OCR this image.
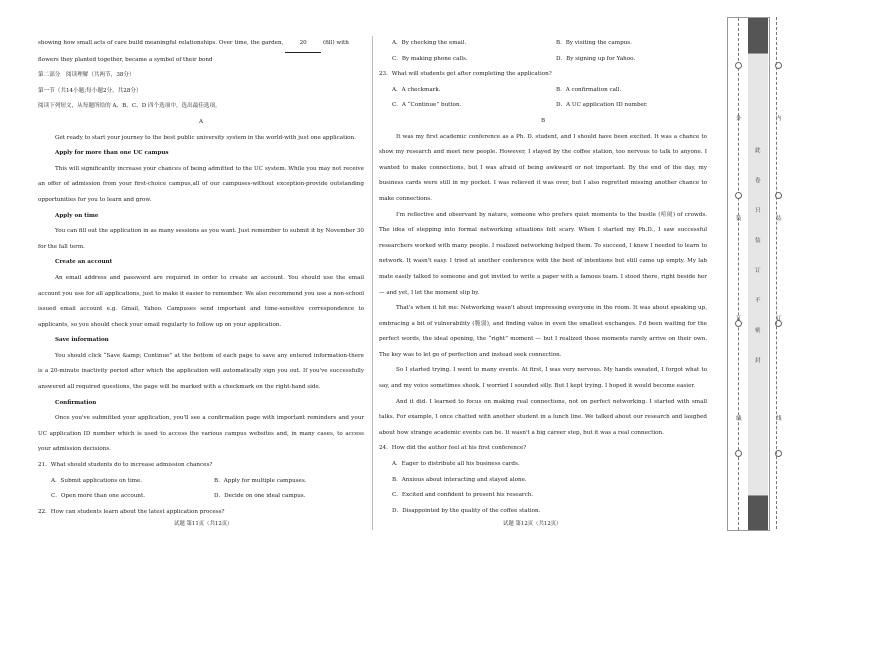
showing how small acts of care build meaningful relationships. Over time, the garden,	20	(fill) with

flowers they planted together, became a symbol of their bond

第二部分　阅读理解（共两节，38分）

第一节（共14小题;每小题2分，共28分）

阅读下列短文，从每题所给的 A、B、C、D 四个选项中，选出最佳选项。

A

Get ready to start your journey to the best public university system in the world-with just one application.

Apply for more than one UC campus

This will significantly increase your chances of being admitted to the UC system. While you may not receive an offer of admission from your first-choice campus,all of our campuses-without exception-provide outstanding opportunities for you to learn and grow.

Apply on time

You can fill out the application in as many sessions as you want. Just remember to submit it by November 30 for the fall term.

Create an account

An email address and password are required in order to create an account. You should use the email account you use for all applications, just to make it easier to remember. We also recommend you use a non-school issued email account e.g. Gmail, Yahoo. Campuses send important and time-sensitive correspondence to applicants, so you should check your email regularly to follow up on your application.

Save information

You should click “Save &amp; Continue” at the bottom of each page to save any entered information-there is a 20-minute inactivity period after which the application will automatically sign you out. If you've successfully answered all required questions, the page will be marked with a checkmark on the right-hand side.

Confirmation

Once you've submitted your application, you'll see a confirmation page with important reminders and your UC application ID number which is used to access the various campus websites and, in many cases, to access your admission decisions.

21．What should students do to increase admission chances?

A．Submit applications on time.	B．Apply for multiple campuses.
C．Open more than one account.	D．Decide on one ideal campus.

22．How can students learn about the latest application process?

试题 第11页（共12页）
A．By checking the email.	B．By visiting the campus.
C．By making phone calls.	D．By signing up for Yahoo.

23．What will students get after completing the application?

A．A checkmark.	B．A confirmation call.
C．A “Continue” button.	D．A UC application ID number.

B

It was my first academic conference as a Ph. D. student, and I should have been excited. It was a chance to show my research and meet new people. However, I stayed by the coffee station, too nervous to talk to anyone. I wanted to make connections, but I was afraid of being awkward or not important. By the end of the day, my business cards were still in my pocket. I was relieved it was over, but I also regretted missing another chance to make connections.

I'm reflective and observant by nature, someone who prefers quiet moments to the bustle (喧闹) of crowds. The idea of stepping into formal networking situations felt scary. When I started my Ph.D., I saw successful researchers worked with many people. I realized networking helped them. To succeed, I knew I needed to learn to network. It wasn't easy. I tried at another conference with the best of intentions but still came up empty. My lab mate easily talked to someone and got invited to write a paper with a famous team. I stood there, right beside her — and yet, I let the moment slip by.

That's when it hit me: Networking wasn't about impressing everyone in the room. It was about speaking up, embracing a bit of vulnerability (脆弱), and finding value in even the smallest exchanges. I'd been waiting for the perfect words, the ideal opening, the “right” moment — but I realized those moments rarely arrive on their own. The key was to let go of perfection and instead seek connection.

So I started trying. I went to many events. At first, I was very nervous. My hands sweated, I forgot what to say, and my voice sometimes shook. I worried I sounded silly. But I kept trying. I hoped it would become easier.

And it did. I learned to focus on making real connections, not on perfect networking. I started with small talks. For example, I once chatted with another student in a lunch line. We talked about our research and laughed about how strange academic events can be. It wasn't a big career step, but it was a real connection.

24．How did the author feel at his first conference?

A．Eager to distribute all his business cards.
B．Anxious about interacting and stayed alone.
C．Excited and confident to present his research.
D．Disappointed by the quality of the coffee station.
试题 第12页（共12页）
外
装
订
线
内
装
订
线
此
卷
只
装
订
不
密
封
